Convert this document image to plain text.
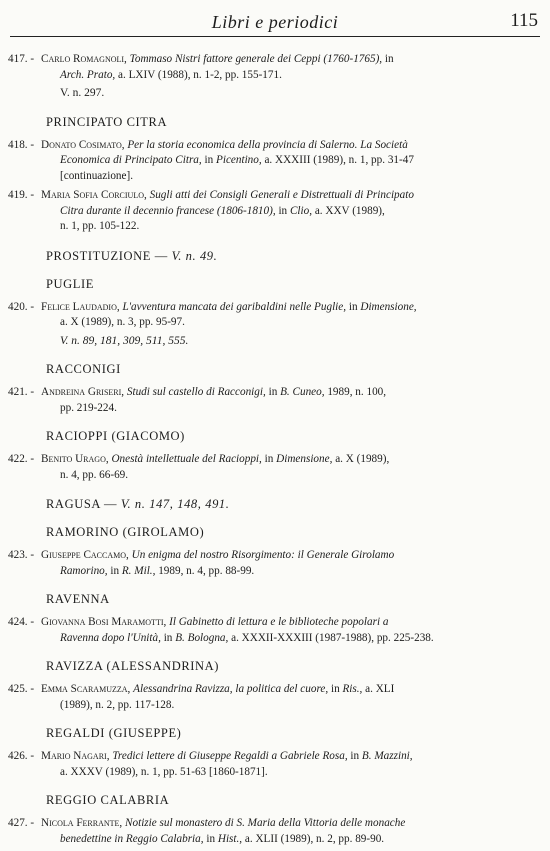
Libri e periodici	115
417. - Carlo Romagnoli, Tommaso Nistri fattore generale dei Ceppi (1760-1765), in
Arch. Prato, a. LXIV (1988), n. 1-2, pp. 155-171.
V. n. 297.
PRINCIPATO CITRA
418. - Donato Cosimato, Per la storia economica della provincia di Salerno. La Società
Economica di Principato Citra, in Picentino, a. XXXIII (1989), n. 1, pp. 31-47
[continuazione].
419. - Maria Sofia Corciulo, Sugli atti dei Consigli Generali e Distrettuali di Principato
Citra durante il decennio francese (1806-1810), in Clio, a. XXV (1989),
n. 1, pp. 105-122.
PROSTITUZIONE — V. n. 49.
PUGLIE
420. - Felice Laudadio, L'avventura mancata dei garibaldini nelle Puglie, in Dimensione,
a. X (1989), n. 3, pp. 95-97.
V. n. 89, 181, 309, 511, 555.
RACCONIGI
421. - Andreina Griseri, Studi sul castello di Racconigi, in B. Cuneo, 1989, n. 100,
pp. 219-224.
RACIOPPI (GIACOMO)
422. - Benito Urago, Onestà intellettuale del Racioppi, in Dimensione, a. X (1989),
n. 4, pp. 66-69.
RAGUSA — V. n. 147, 148, 491.
RAMORINO (GIROLAMO)
423. - Giuseppe Caccamo, Un enigma del nostro Risorgimento: il Generale Girolamo
Ramorino, in R. Mil., 1989, n. 4, pp. 88-99.
RAVENNA
424. - Giovanna Bosi Maramotti, Il Gabinetto di lettura e le biblioteche popolari a
Ravenna dopo l'Unità, in B. Bologna, a. XXXII-XXXIII (1987-1988), pp. 225-238.
RAVIZZA (ALESSANDRINA)
425. - Emma Scaramuzza, Alessandrina Ravizza, la politica del cuore, in Ris., a. XLI
(1989), n. 2, pp. 117-128.
REGALDI (GIUSEPPE)
426. - Mario Nagari, Tredici lettere di Giuseppe Regaldi a Gabriele Rosa, in B. Mazzini,
a. XXXV (1989), n. 1, pp. 51-63 [1860-1871].
REGGIO CALABRIA
427. - Nicola Ferrante, Notizie sul monastero di S. Maria della Vittoria delle monache
benedettine in Reggio Calabria, in Hist., a. XLII (1989), n. 2, pp. 89-90.
